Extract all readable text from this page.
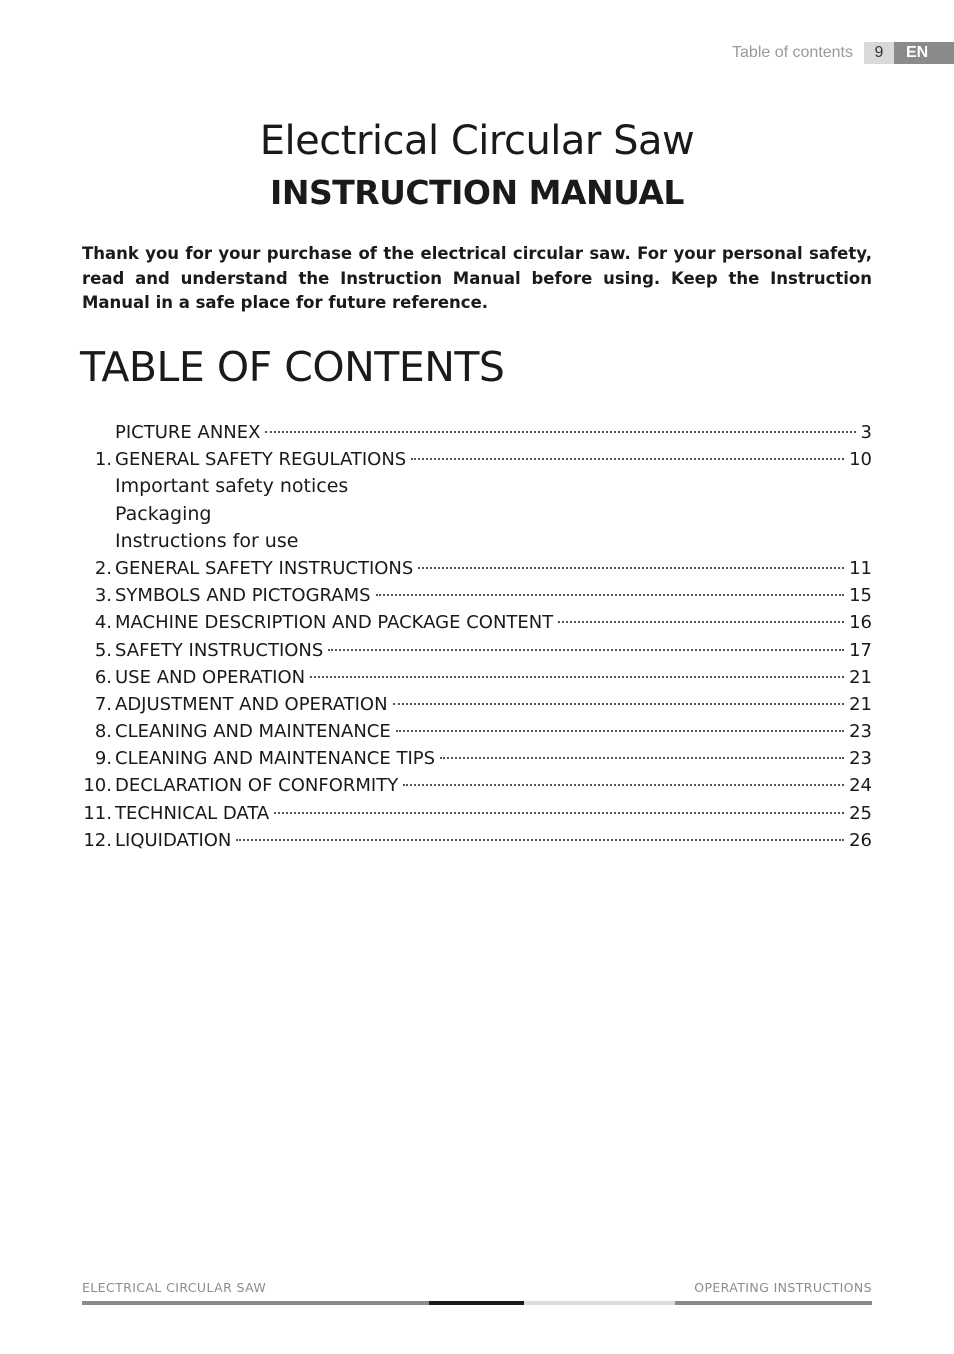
Table of contents	9	EN
Electrical Circular Saw
INSTRUCTION MANUAL

Thank you for your purchase of the electrical circular saw. For your personal safety, read and understand the Instruction Manual before using. Keep the Instruction Manual in a safe place for future reference.

TABLE OF CONTENTS
PICTURE ANNEX	3
1. GENERAL SAFETY REGULATIONS	10
Important safety notices
Packaging
Instructions for use
2. GENERAL SAFETY INSTRUCTIONS	11
3. SYMBOLS AND PICTOGRAMS	15
4. MACHINE DESCRIPTION AND PACKAGE CONTENT	16
5. SAFETY INSTRUCTIONS	17
6. USE AND OPERATION	21
7. ADJUSTMENT AND OPERATION	21
8. CLEANING AND MAINTENANCE	23
9. CLEANING AND MAINTENANCE TIPS	23
10. DECLARATION OF CONFORMITY	24
11. TECHNICAL DATA	25
12. LIQUIDATION	26
ELECTRICAL CIRCULAR SAW	OPERATING INSTRUCTIONS
